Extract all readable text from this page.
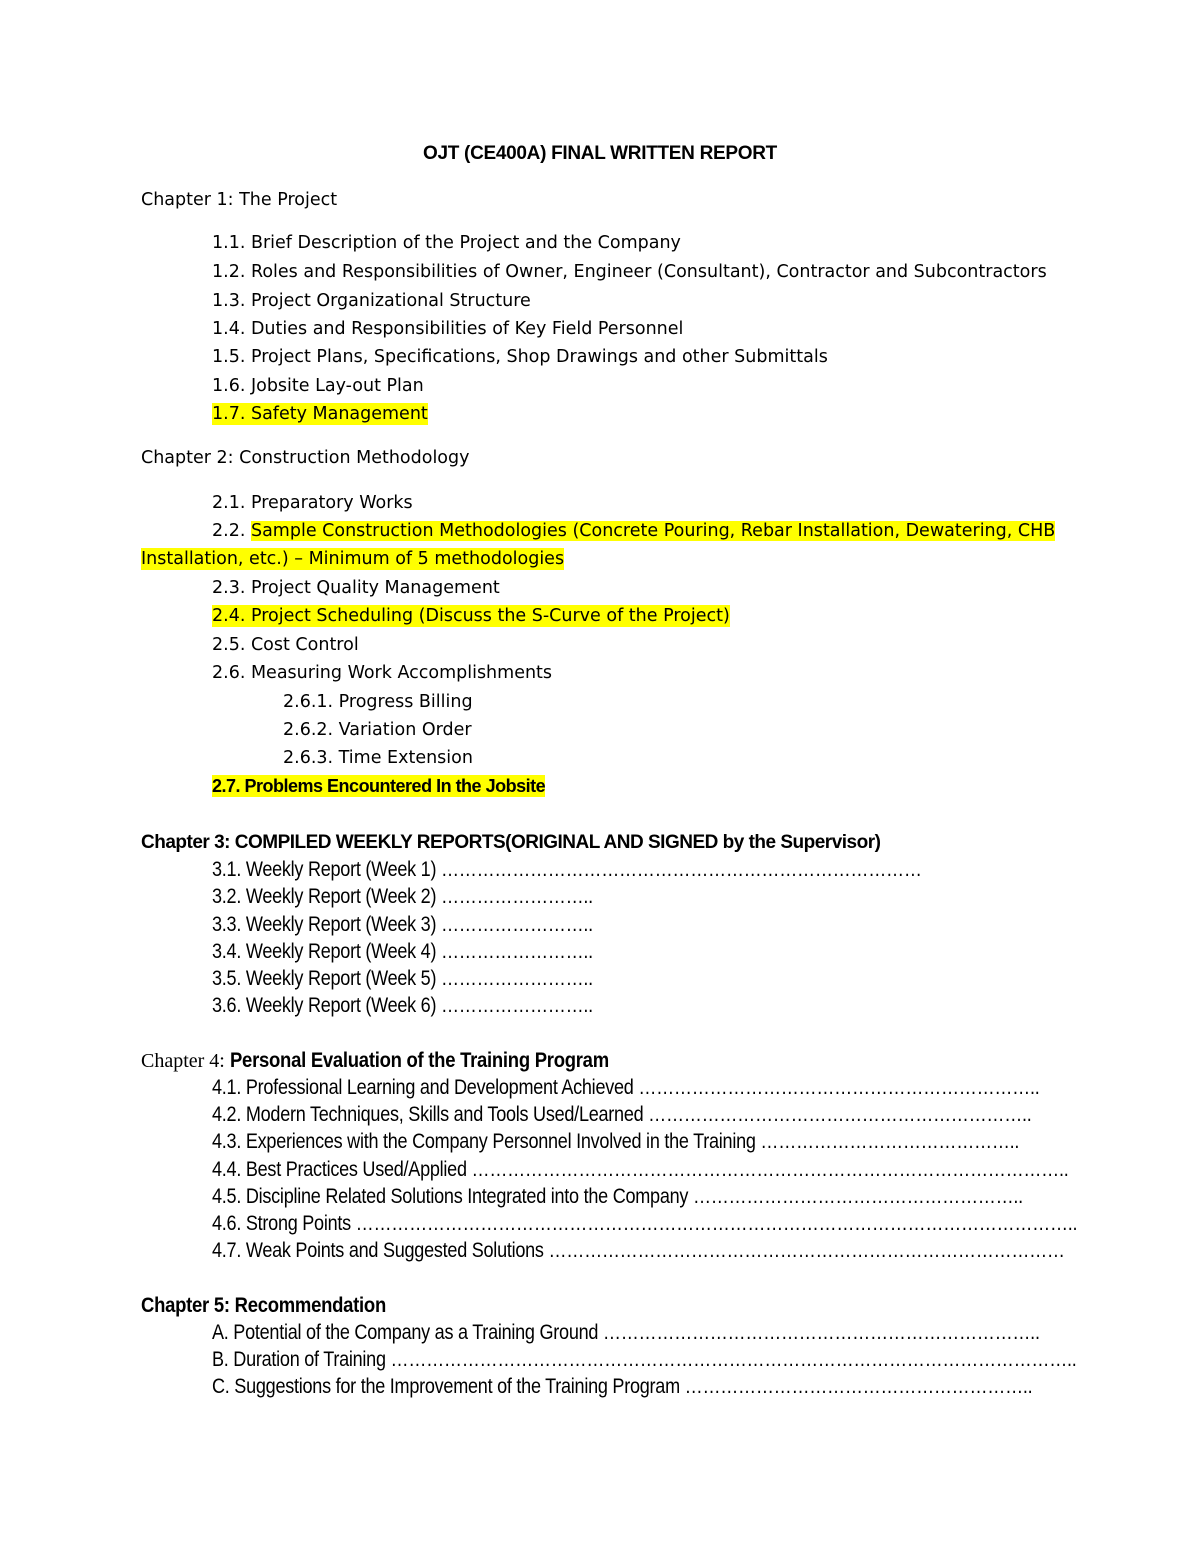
OJT (CE400A) FINAL WRITTEN REPORT
Chapter 1: The Project
1.1. Brief Description of the Project and the Company
1.2. Roles and Responsibilities of Owner, Engineer (Consultant), Contractor and Subcontractors
1.3. Project Organizational Structure
1.4. Duties and Responsibilities of Key Field Personnel
1.5. Project Plans, Specifications, Shop Drawings and other Submittals
1.6. Jobsite Lay-out Plan
1.7. Safety Management
Chapter 2: Construction Methodology
2.1. Preparatory Works
2.2. Sample Construction Methodologies (Concrete Pouring, Rebar Installation, Dewatering, CHB
Installation, etc.) – Minimum of 5 methodologies
2.3. Project Quality Management
2.4. Project Scheduling (Discuss the S-Curve of the Project)
2.5. Cost Control
2.6. Measuring Work Accomplishments
2.6.1. Progress Billing
2.6.2. Variation Order
2.6.3. Time Extension
2.7. Problems Encountered In the Jobsite
Chapter 3: COMPILED WEEKLY REPORTS(ORIGINAL AND SIGNED by the Supervisor)
3.1. Weekly Report (Week 1) ………………………………………………………………………
3.2. Weekly Report (Week 2) ……………………..
3.3. Weekly Report (Week 3) ……………………..
3.4. Weekly Report (Week 4) ……………………..
3.5. Weekly Report (Week 5) ……………………..
3.6. Weekly Report (Week 6) ……………………..
Chapter 4: Personal Evaluation of the Training Program
4.1. Professional Learning and Development Achieved …………………………………………………………..
4.2. Modern Techniques, Skills and Tools Used/Learned ………………………………………………………..
4.3. Experiences with the Company Personnel Involved in the Training ……………………………………..
4.4. Best Practices Used/Applied ………………………………………………………………………………………..
4.5. Discipline Related Solutions Integrated into the Company ………………………………………………..
4.6. Strong Points …………………………………………………………………………………………………………..
4.7. Weak Points and Suggested Solutions ……………………………………………………………………………
Chapter 5: Recommendation
A. Potential of the Company as a Training Ground ………………………………………………………………..
B. Duration of Training ……………………………………………………………………………………………………..
C. Suggestions for the Improvement of the Training Program …………………………………………………..
